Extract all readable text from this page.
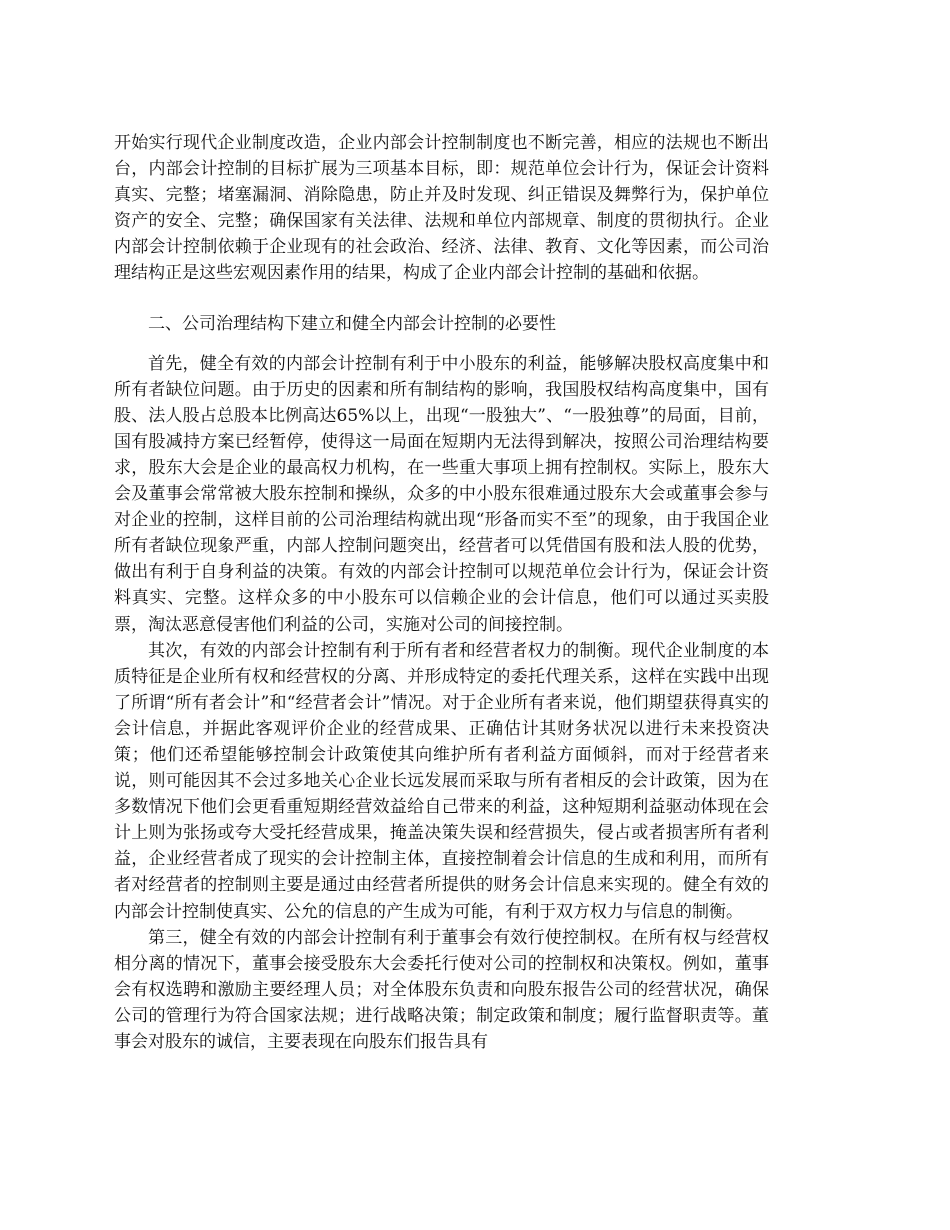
开始实行现代企业制度改造，企业内部会计控制制度也不断完善，相应的法规也不断出台，内部会计控制的目标扩展为三项基本目标，即：规范单位会计行为，保证会计资料真实、完整；堵塞漏洞、消除隐患，防止并及时发现、纠正错误及舞弊行为，保护单位资产的安全、完整；确保国家有关法律、法规和单位内部规章、制度的贯彻执行。企业内部会计控制依赖于企业现有的社会政治、经济、法律、教育、文化等因素，而公司治理结构正是这些宏观因素作用的结果，构成了企业内部会计控制的基础和依据。

二、公司治理结构下建立和健全内部会计控制的必要性

首先，健全有效的内部会计控制有利于中小股东的利益，能够解决股权高度集中和所有者缺位问题。由于历史的因素和所有制结构的影响，我国股权结构高度集中，国有股、法人股占总股本比例高达65%以上，出现“一股独大”、“一股独尊”的局面，目前，国有股减持方案已经暂停，使得这一局面在短期内无法得到解决，按照公司治理结构要求，股东大会是企业的最高权力机构，在一些重大事项上拥有控制权。实际上，股东大会及董事会常常被大股东控制和操纵，众多的中小股东很难通过股东大会或董事会参与对企业的控制，这样目前的公司治理结构就出现“形备而实不至”的现象，由于我国企业所有者缺位现象严重，内部人控制问题突出，经营者可以凭借国有股和法人股的优势，做出有利于自身利益的决策。有效的内部会计控制可以规范单位会计行为，保证会计资料真实、完整。这样众多的中小股东可以信赖企业的会计信息，他们可以通过买卖股票，淘汰恶意侵害他们利益的公司，实施对公司的间接控制。

其次，有效的内部会计控制有利于所有者和经营者权力的制衡。现代企业制度的本质特征是企业所有权和经营权的分离、并形成特定的委托代理关系，这样在实践中出现了所谓“所有者会计”和“经营者会计”情况。对于企业所有者来说，他们期望获得真实的会计信息，并据此客观评价企业的经营成果、正确估计其财务状况以进行未来投资决策；他们还希望能够控制会计政策使其向维护所有者利益方面倾斜，而对于经营者来说，则可能因其不会过多地关心企业长远发展而采取与所有者相反的会计政策，因为在多数情况下他们会更看重短期经营效益给自己带来的利益，这种短期利益驱动体现在会计上则为张扬或夸大受托经营成果，掩盖决策失误和经营损失，侵占或者损害所有者利益，企业经营者成了现实的会计控制主体，直接控制着会计信息的生成和利用，而所有者对经营者的控制则主要是通过由经营者所提供的财务会计信息来实现的。健全有效的内部会计控制使真实、公允的信息的产生成为可能，有利于双方权力与信息的制衡。

第三，健全有效的内部会计控制有利于董事会有效行使控制权。在所有权与经营权相分离的情况下，董事会接受股东大会委托行使对公司的控制权和决策权。例如，董事会有权选聘和激励主要经理人员；对全体股东负责和向股东报告公司的经营状况，确保公司的管理行为符合国家法规；进行战略决策；制定政策和制度；履行监督职责等。董事会对股东的诚信，主要表现在向股东们报告具有
